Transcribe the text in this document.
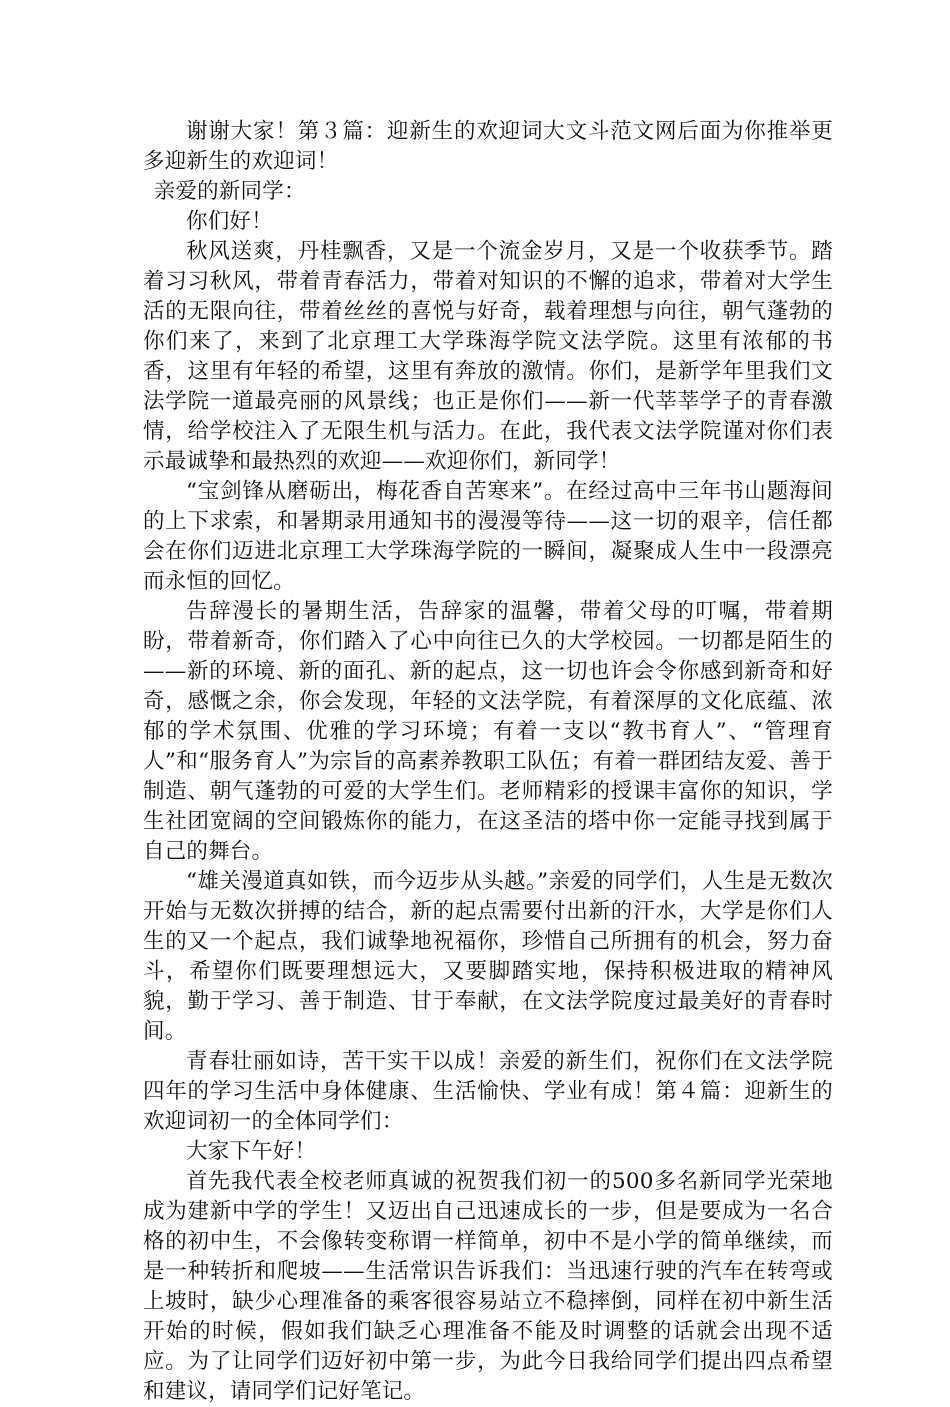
谢谢大家！第３篇：迎新生的欢迎词大文斗范文网后面为你推举更多迎新生的欢迎词！

亲爱的新同学：

你们好！

秋风送爽，丹桂飘香，又是一个流金岁月，又是一个收获季节。踏着习习秋风，带着青春活力，带着对知识的不懈的追求，带着对大学生活的无限向往，带着丝丝的喜悦与好奇，载着理想与向往，朝气蓬勃的你们来了，来到了北京理工大学珠海学院文法学院。这里有浓郁的书香，这里有年轻的希望，这里有奔放的激情。你们，是新学年里我们文法学院一道最亮丽的风景线；也正是你们——新一代莘莘学子的青春激情，给学校注入了无限生机与活力。在此，我代表文法学院谨对你们表示最诚挚和最热烈的欢迎——欢迎你们，新同学！

“宝剑锋从磨砺出，梅花香自苦寒来”。在经过高中三年书山题海间的上下求索，和暑期录用通知书的漫漫等待——这一切的艰辛，信任都会在你们迈进北京理工大学珠海学院的一瞬间，凝聚成人生中一段漂亮而永恒的回忆。

告辞漫长的暑期生活，告辞家的温馨，带着父母的叮嘱，带着期盼，带着新奇，你们踏入了心中向往已久的大学校园。一切都是陌生的——新的环境、新的面孔、新的起点，这一切也许会令你感到新奇和好奇，感慨之余，你会发现，年轻的文法学院，有着深厚的文化底蕴、浓郁的学术氛围、优雅的学习环境；有着一支以“教书育人”、“管理育人”和“服务育人”为宗旨的高素养教职工队伍；有着一群团结友爱、善于制造、朝气蓬勃的可爱的大学生们。老师精彩的授课丰富你的知识，学生社团宽阔的空间锻炼你的能力，在这圣洁的塔中你一定能寻找到属于自己的舞台。

“雄关漫道真如铁，而今迈步从头越。”亲爱的同学们，人生是无数次开始与无数次拼搏的结合，新的起点需要付出新的汗水，大学是你们人生的又一个起点，我们诚挚地祝福你，珍惜自己所拥有的机会，努力奋斗，希望你们既要理想远大，又要脚踏实地，保持积极进取的精神风貌，勤于学习、善于制造、甘于奉献，在文法学院度过最美好的青春时间。

青春壮丽如诗，苦干实干以成！亲爱的新生们，祝你们在文法学院四年的学习生活中身体健康、生活愉快、学业有成！第４篇：迎新生的欢迎词初一的全体同学们：

大家下午好！

首先我代表全校老师真诚的祝贺我们初一的500多名新同学光荣地成为建新中学的学生！又迈出自己迅速成长的一步，但是要成为一名合格的初中生，不会像转变称谓一样简单，初中不是小学的简单继续，而是一种转折和爬坡——生活常识告诉我们：当迅速行驶的汽车在转弯或上坡时，缺少心理准备的乘客很容易站立不稳摔倒，同样在初中新生活开始的时候，假如我们缺乏心理准备不能及时调整的话就会出现不适应。为了让同学们迈好初中第一步，为此今日我给同学们提出四点希望和建议，请同学们记好笔记。
